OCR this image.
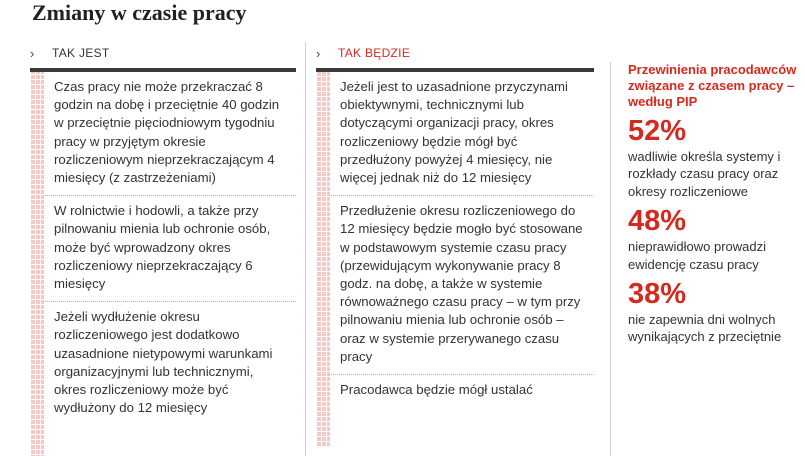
Zmiany w czasie pracy
›	TAK JEST
Czas pracy nie może przekraczać 8 godzin na dobę i przeciętnie 40 godzin w przeciętnie pięciodniowym tygodniu pracy w przyjętym okresie rozliczeniowym nieprzekraczającym 4 miesięcy (z zastrzeżeniami)
W rolnictwie i hodowli, a także przy pilnowaniu mienia lub ochronie osób, może być wprowadzony okres rozliczeniowy nieprzekraczający 6 miesięcy
Jeżeli wydłużenie okresu rozliczeniowego jest dodatkowo uzasadnione nietypowymi warunkami organizacyjnymi lub technicznymi, okres rozliczeniowy może być wydłużony do 12 miesięcy
›	TAK BĘDZIE
Jeżeli jest to uzasadnione przyczynami obiektywnymi, technicznymi lub dotyczącymi organizacji pracy, okres rozliczeniowy będzie mógł być przedłużony powyżej 4 miesięcy, nie więcej jednak niż do 12 miesięcy
Przedłużenie okresu rozliczeniowego do 12 miesięcy będzie mogło być stosowane w podstawowym systemie czasu pracy (przewidującym wykonywanie pracy 8 godz. na dobę, a także w systemie równoważnego czasu pracy – w tym przy pilnowaniu mienia lub ochronie osób – oraz w systemie przerywanego czasu pracy
Pracodawca będzie mógł ustalać
Przewinienia pracodawców związane z czasem pracy – według PIP
52%
wadliwie określa systemy i rozkłady czasu pracy oraz okresy rozliczeniowe
48%
nieprawidłowo prowadzi ewidencję czasu pracy
38%
nie zapewnia dni wolnych wynikających z przeciętnie
